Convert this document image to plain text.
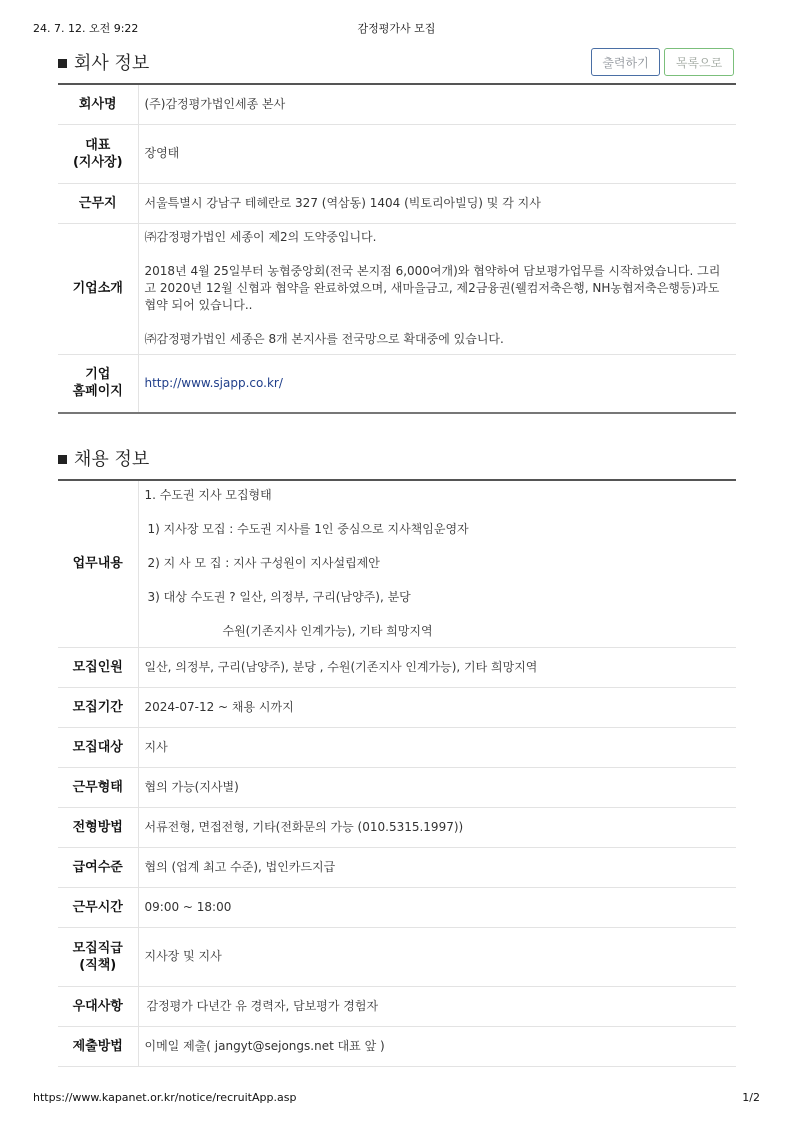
24. 7. 12. 오전 9:22	감정평가사 모집
회사 정보	출력하기	목록으로
회사명	(주)감정평가법인세종 본사

대표
(지사장)	장영태
근무지	서울특별시 강남구 테헤란로 327 (역삼동) 1404 (빅토리아빌딩) 및 각 지사
기업소개	㈜감정평가법인 세종이 제2의 도약중입니다.
2018년 4월 25일부터 농협중앙회(전국 본지점 6,000여개)와 협약하여 담보평가업무를 시작하였습니다. 그리고 2020년 12월 신협과 협약을 완료하였으며, 새마을금고, 제2금융권(웰컴저축은행, NH농협저축은행등)과도 협약 되어 있습니다..
㈜감정평가법인 세종은 8개 본지사를 전국망으로 확대중에 있습니다.

기업
홈페이지	http://www.sjapp.co.kr/
채용 정보
업무내용	1. 수도권 지사 모집형태
1) 지사장 모집 : 수도권 지사를 1인 중심으로 지사책임운영자
2) 지 사 모 집 : 지사 구성원이 지사설립제안
3) 대상 수도권 ? 일산, 의정부, 구리(남양주), 분당
수원(기존지사 인계가능), 기타 희망지역

모집인원	일산, 의정부, 구리(남양주), 분당 , 수원(기존지사 인계가능), 기타 희망지역
모집기간	2024-07-12 ~ 채용 시까지
모집대상	지사
근무형태	협의 가능(지사별)
전형방법	서류전형, 면접전형, 기타(전화문의 가능 (010.5315.1997))
급여수준	협의 (업계 최고 수준), 법인카드지급
근무시간	09:00 ~ 18:00

모집직급
(직책)	지사장 및 지사
우대사항	감정평가 다년간 유 경력자, 담보평가 경험자
제출방법	이메일 제출( jangyt@sejongs.net 대표 앞 )
https://www.kapanet.or.kr/notice/recruitApp.asp	1/2
